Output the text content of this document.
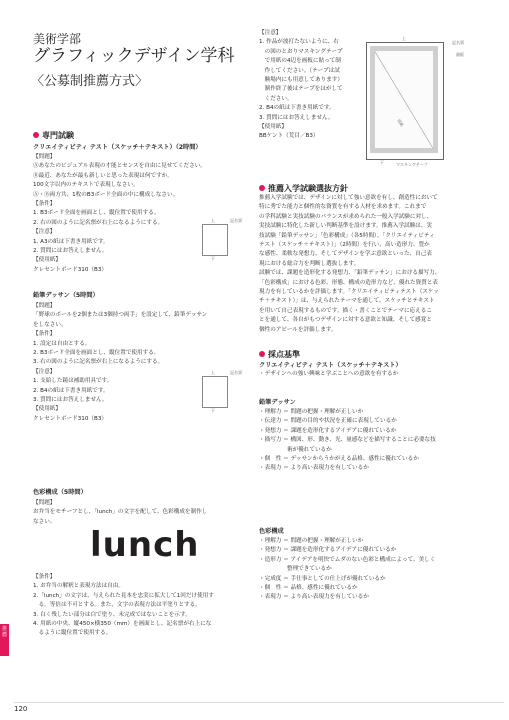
美術学部
グラフィックデザイン学科
〈公募制推薦方式〉
専門試験
クリエイティビティ テスト（スケッチ＋テキスト）（2時間）
【問題】
Ⓐあなたのビジュアル表現の才能とセンスを自由に見せてください。
Ⓑ最近、あなたが最も新しいと思った表現は何ですか。
100文字以内のテキストで表現しなさい。
Ⓐ・Ⓑ両方共、1枚のB3ボード全面の中に構成しなさい。
【条件】
1. B3ボード全面を画面とし、縦位置で使用する。
2. 右の図のように記名票が右上になるようにする。
【注意】
1. A3の紙は下書き用紙です。
2. 質問にはお答えしません。
【使用紙】
クレセントボード310（B3）
上	記名票
下
鉛筆デッサン（5時間）
【問題】
「野球のボールを2個または3個持つ両手」を設定して、鉛筆デッサン
をしなさい。
【条件】
1. 設定は自由とする。
2. B3ボード全面を画面とし、縦位置で使用する。
3. 右の図のように記名票が右上になるようにする。
【注意】
1. 支給した鏡は補助用具です。
2. B4の紙は下書き用紙です。
3. 質問にはお答えしません。
【使用紙】
クレセントボード310（B3）
上	記名票
下
色彩構成（5時間）
【問題】
お弁当をモチーフとし、「lunch」の文字を配して、色彩構成を制作し
なさい。
lunch
【条件】
1. お弁当の解釈と表現方法は自由。
2.「lunch」の文字は、与えられた見本を忠実に拡大して1回だけ使用す
　る。等倍は不可とする。また、文字の表現方法は平塗りとする。
3. 白く残したい部分は白で塗り、未完成ではないことを示す。
4. 用紙の中央、縦450×横350（mm）を画面とし、記名票が右上にな
　るように縦位置で使用する。
【注意】
1. 作品が波打たないように、右
　の図のとおりマスキングテープ
　で用紙の4辺を画板に貼って制
　作してください。（テープは試
　験場内にも用意してあります）
　制作終了後はテープをはがして
　ください。
2. B4の紙は下書き用紙です。
3. 質問にはお答えしません。
【使用紙】
BBケント（荒目／B3）
上
記名票
画板
用紙
下	マスキングテープ
推薦入学試験選抜方針
推薦入学試験では、デザインに対して強い意欲を有し、創造性において
特に秀でた能力と個性的な資質を有する人材を求めます。これまで
の学科試験と実技試験のバランスが求められた一般入学試験に対し、
実技試験に特化した新しい判断基準を設けます。推薦入学試験は、実
技試験「鉛筆デッサン」「色彩構成」（各5時間）、「クリエイティビティ
テスト（スケッチ＋テキスト）」（2時間）を行い、高い造形力、豊か
な感性、柔軟な発想力、そしてデザインを学ぶ意欲といった、自己表
現における総合力を判断し選抜します。
試験では、課題を造形化する発想力、「鉛筆デッサン」における描写力、
「色彩構成」における色彩、形態、構成の造形力など、優れた資質と表
現力を有しているかを評価します。「クリエイティビティテスト（スケッ
チ＋テキスト）」は、与えられたテーマを通して、スケッチとテキスト
を用いて自己表現するものです。描く・書くことでテーマに応えるこ
とを通して、各自がもつデザインに対する意欲と知識、そして感覚と
個性のアピールを評価します。
採点基準
クリエイティビティ テスト（スケッチ＋テキスト）
・デザインへの強い興味と学ぶことへの意欲を有するか
鉛筆デッサン
・理解力 ＝ 問題の把握・理解が正しいか
・伝達力 ＝ 問題の目的や状況を正確に表現しているか
・発想力 ＝ 課題を造形化するアイデアに優れているか
・描写力 ＝ 構図、形、動き、光、量感などを描写することに必要な技
　　　　　術が優れているか
・個　性 ＝ デッサンからうかがえる品格、感性に優れているか
・表現力 ＝ より高い表現力を有しているか
色彩構成
・理解力 ＝ 問題の把握・理解が正しいか
・発想力 ＝ 課題を造形化するアイデアに優れているか
・造形力 ＝ アイデアを明快でムダのない色彩と構成によって、美しく
　　　　　整理できているか
・完成度 ＝ 手仕事としての仕上げが優れているか
・個　性 ＝ 品格、感性に優れているか
・表現力 ＝ より高い表現力を有しているか
推薦
120
